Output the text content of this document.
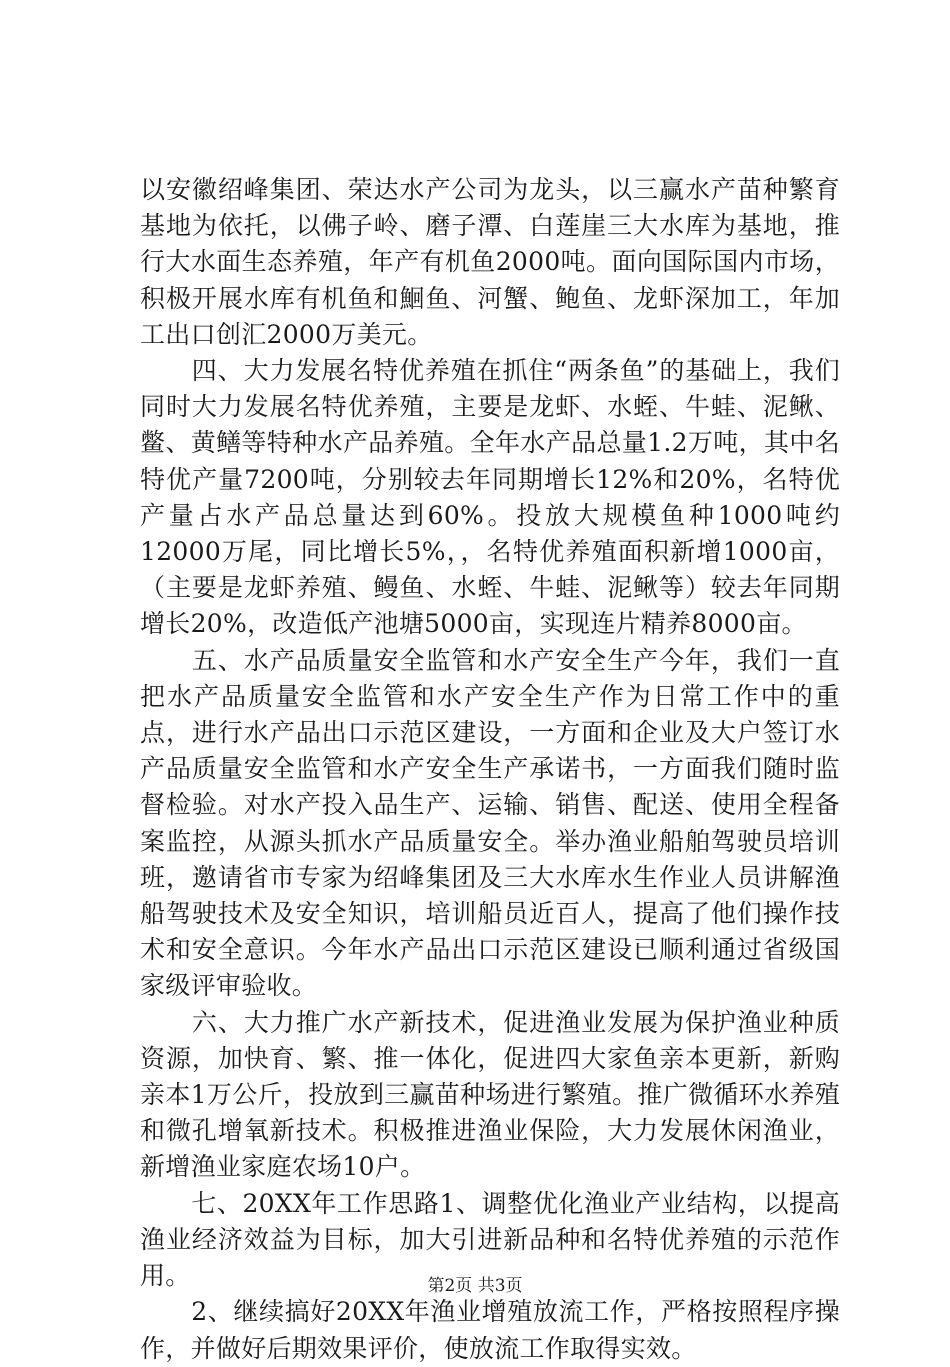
以安徽绍峰集团、荣达水产公司为龙头，以三赢水产苗种繁育基地为依托，以佛子岭、磨子潭、白莲崖三大水库为基地，推行大水面生态养殖，年产有机鱼2000吨。面向国际国内市场，积极开展水库有机鱼和鮰鱼、河蟹、鲍鱼、龙虾深加工，年加工出口创汇2000万美元。

　　四、大力发展名特优养殖在抓住“两条鱼”的基础上，我们同时大力发展名特优养殖，主要是龙虾、水蛭、牛蛙、泥鳅、鳖、黄鳝等特种水产品养殖。全年水产品总量1.2万吨，其中名特优产量7200吨，分别较去年同期增长12%和20%，名特优产量占水产品总量达到60%。投放大规模鱼种1000吨约12000万尾，同比增长5%，，名特优养殖面积新增1000亩，（主要是龙虾养殖、鳗鱼、水蛭、牛蛙、泥鳅等）较去年同期增长20%，改造低产池塘5000亩，实现连片精养8000亩。

　　五、水产品质量安全监管和水产安全生产今年，我们一直把水产品质量安全监管和水产安全生产作为日常工作中的重点，进行水产品出口示范区建设，一方面和企业及大户签订水产品质量安全监管和水产安全生产承诺书，一方面我们随时监督检验。对水产投入品生产、运输、销售、配送、使用全程备案监控，从源头抓水产品质量安全。举办渔业船舶驾驶员培训班，邀请省市专家为绍峰集团及三大水库水生作业人员讲解渔船驾驶技术及安全知识，培训船员近百人，提高了他们操作技术和安全意识。今年水产品出口示范区建设已顺利通过省级国家级评审验收。

　　六、大力推广水产新技术，促进渔业发展为保护渔业种质资源，加快育、繁、推一体化，促进四大家鱼亲本更新，新购亲本1万公斤，投放到三赢苗种场进行繁殖。推广微循环水养殖和微孔增氧新技术。积极推进渔业保险，大力发展休闲渔业，新增渔业家庭农场10户。

　　七、20XX年工作思路1、调整优化渔业产业结构，以提高渔业经济效益为目标，加大引进新品种和名特优养殖的示范作用。

　　2、继续搞好20XX年渔业增殖放流工作，严格按照程序操作，并做好后期效果评价，使放流工作取得实效。

第2页 共3页
